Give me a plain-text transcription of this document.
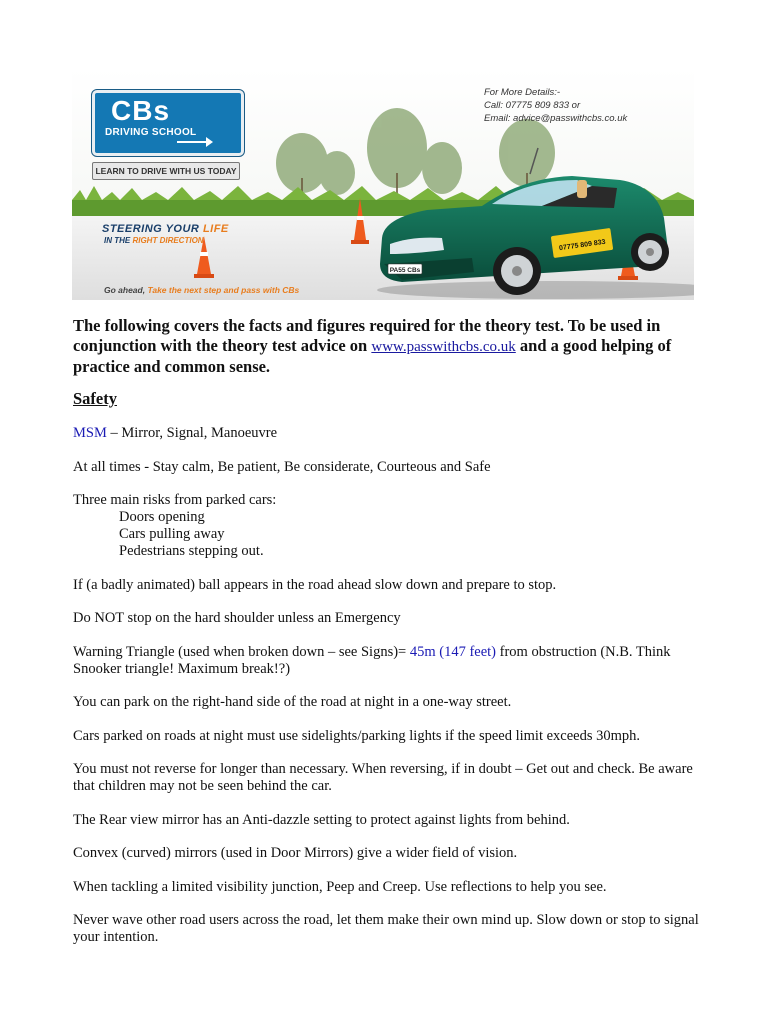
PA55 CBs
07775 809 833
CBs
DRIVING SCHOOL
LEARN TO DRIVE WITH US TODAY
For More Details:-
Call: 07775 809 833 or
Email: advice@passwithcbs.co.uk
STEERING YOUR LIFE
IN THE RIGHT DIRECTION
Go ahead, Take the next step and pass with CBs

The following covers the facts and figures required for the theory test. To be used in conjunction with the theory test advice on www.passwithcbs.co.uk and a good helping of practice and common sense.

Safety

MSM – Mirror, Signal, Manoeuvre

At all times - Stay calm, Be patient, Be considerate, Courteous and Safe

Three main risks from parked cars:
Doors opening
Cars pulling away
Pedestrians stepping out.

If (a badly animated) ball appears in the road ahead slow down and prepare to stop.

Do NOT stop on the hard shoulder unless an Emergency

Warning Triangle (used when broken down – see Signs)= 45m (147 feet) from obstruction (N.B. Think Snooker triangle! Maximum break!?)

You can park on the right-hand side of the road at night in a one-way street.

Cars parked on roads at night must use sidelights/parking lights if the speed limit exceeds 30mph.

You must not reverse for longer than necessary. When reversing, if in doubt – Get out and check. Be aware that children may not be seen behind the car.

The Rear view mirror has an Anti-dazzle setting to protect against lights from behind.

Convex (curved) mirrors (used in Door Mirrors) give a wider field of vision.

When tackling a limited visibility junction, Peep and Creep. Use reflections to help you see.

Never wave other road users across the road, let them make their own mind up. Slow down or stop to signal your intention.
